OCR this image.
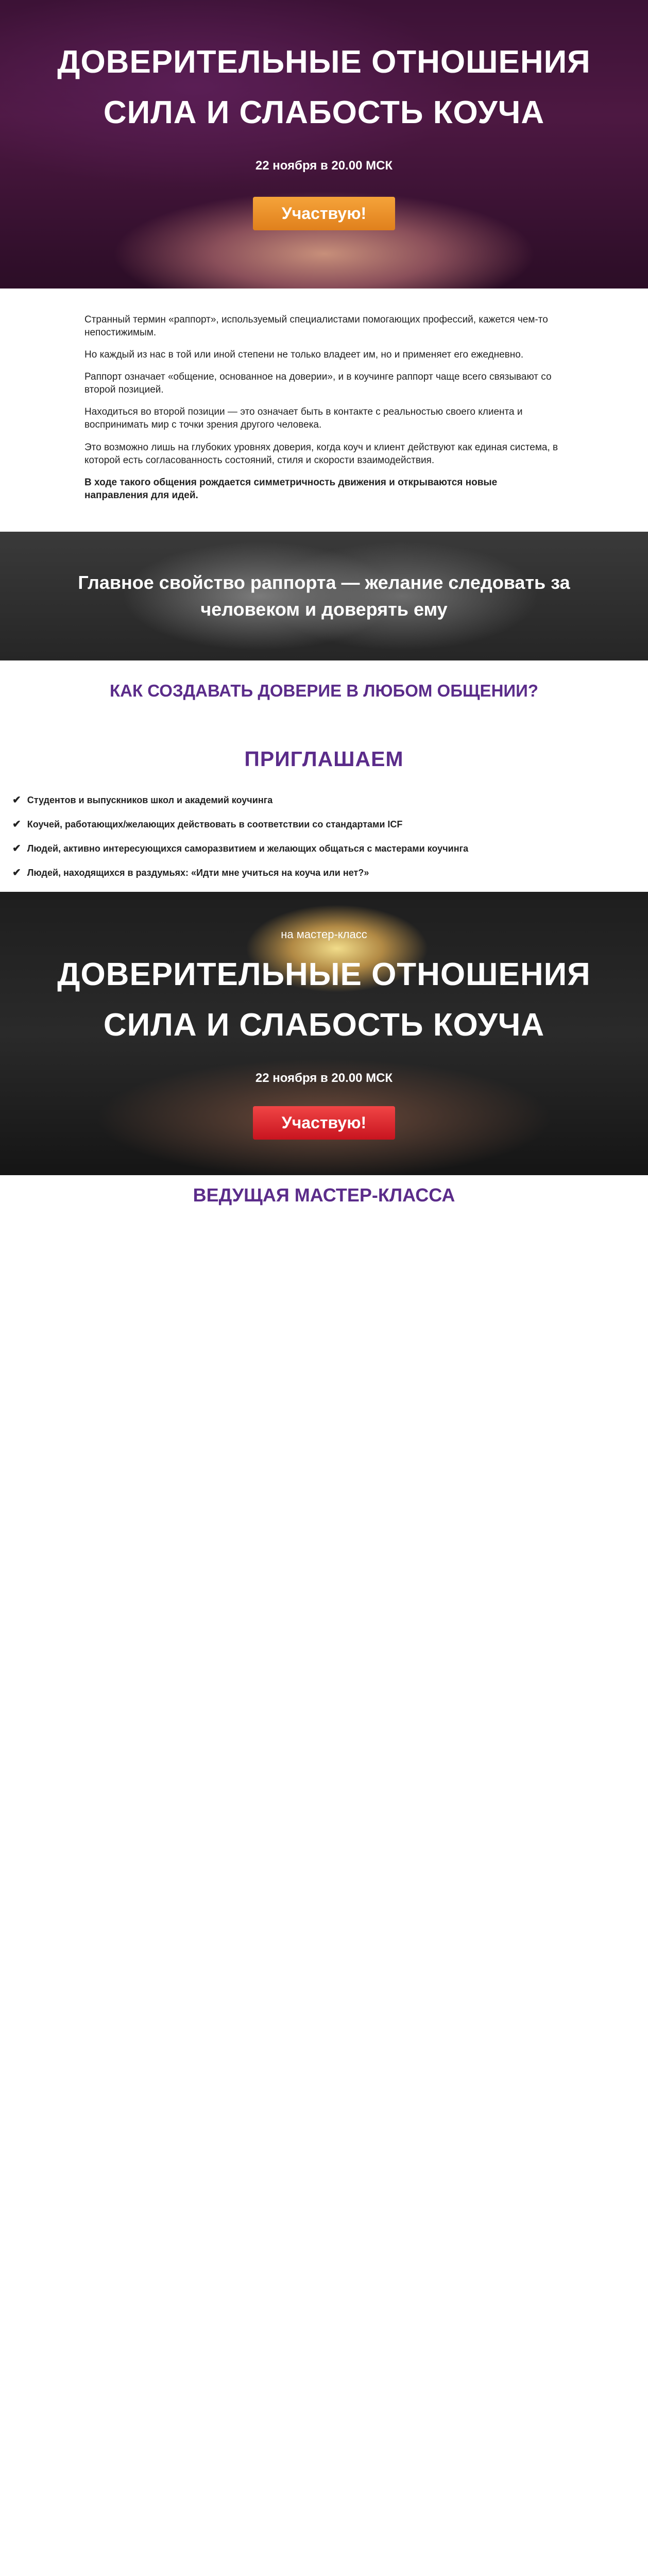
ДОВЕРИТЕЛЬНЫЕ ОТНОШЕНИЯ
СИЛА И СЛАБОСТЬ КОУЧА
22 ноября в 20.00 МСК
Участвую!

Странный термин «раппорт», используемый специалистами помогающих профессий, кажется чем-то непостижимым.

Но каждый из нас в той или иной степени не только владеет им, но и применяет его ежедневно.

Раппорт означает «общение, основанное на доверии», и в коучинге раппорт чаще всего связывают со второй позицией.

Находиться во второй позиции — это означает быть в контакте с реальностью своего клиента и воспринимать мир с точки зрения другого человека.

Это возможно лишь на глубоких уровнях доверия, когда коуч и клиент действуют как единая система, в которой есть согласованность состояний, стиля и скорости взаимодействия.

В ходе такого общения рождается симметричность движения и открываются новые направления для идей.

Главное свойство раппорта — желание следовать за
человеком и доверять ему

КАК СОЗДАВАТЬ ДОВЕРИЕ В ЛЮБОМ ОБЩЕНИИ?
ПРИГЛАШАЕМ
✔ Студентов и выпускников школ и академий коучинга
✔ Коучей, работающих/желающих действовать в соответствии со стандартами ICF
✔ Людей, активно интересующихся саморазвитием и желающих общаться с мастерами коучинга
✔ Людей, находящихся в раздумьях: «Идти мне учиться на коуча или нет?»
на мастер-класс
ДОВЕРИТЕЛЬНЫЕ ОТНОШЕНИЯ
СИЛА И СЛАБОСТЬ КОУЧА
22 ноября в 20.00 МСК
Участвую!
ВЕДУЩАЯ МАСТЕР-КЛАССА
